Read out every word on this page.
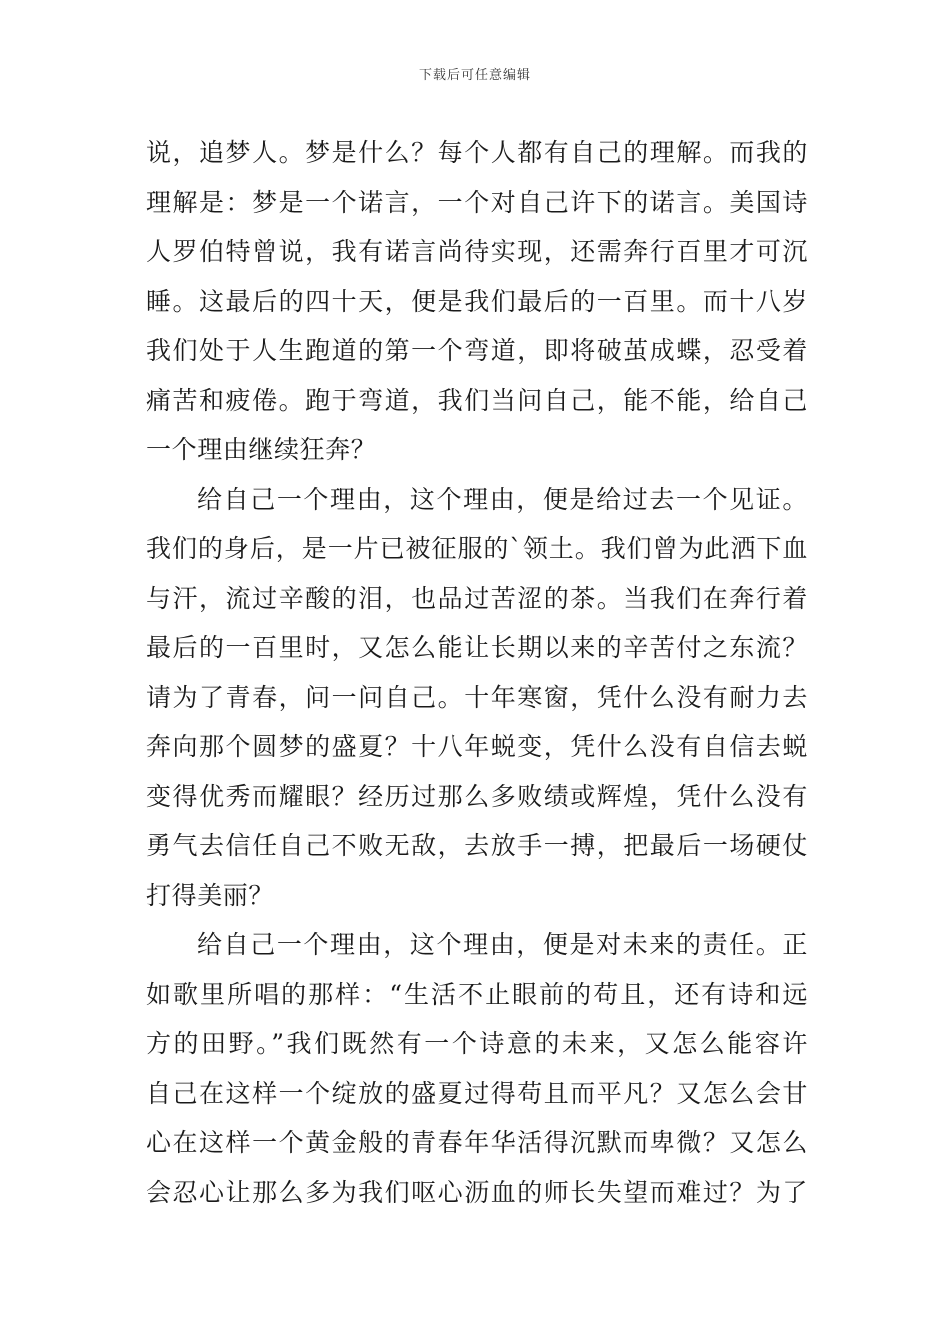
下载后可任意编辑
说，追梦人。梦是什么？每个人都有自己的理解。而我的
理解是：梦是一个诺言，一个对自己许下的诺言。美国诗
人罗伯特曾说，我有诺言尚待实现，还需奔行百里才可沉
睡。这最后的四十天，便是我们最后的一百里。而十八岁
我们处于人生跑道的第一个弯道，即将破茧成蝶，忍受着
痛苦和疲倦。跑于弯道，我们当问自己，能不能，给自己
一个理由继续狂奔？
给自己一个理由，这个理由，便是给过去一个见证。
我们的身后，是一片已被征服的`领土。我们曾为此洒下血
与汗，流过辛酸的泪，也品过苦涩的茶。当我们在奔行着
最后的一百里时，又怎么能让长期以来的辛苦付之东流？
请为了青春，问一问自己。十年寒窗，凭什么没有耐力去
奔向那个圆梦的盛夏？十八年蜕变，凭什么没有自信去蜕
变得优秀而耀眼？经历过那么多败绩或辉煌，凭什么没有
勇气去信任自己不败无敌，去放手一搏，把最后一场硬仗
打得美丽？
给自己一个理由，这个理由，便是对未来的责任。正
如歌里所唱的那样：“生活不止眼前的苟且，还有诗和远
方的田野。”我们既然有一个诗意的未来，又怎么能容许
自己在这样一个绽放的盛夏过得苟且而平凡？又怎么会甘
心在这样一个黄金般的青春年华活得沉默而卑微？又怎么
会忍心让那么多为我们呕心沥血的师长失望而难过？为了
